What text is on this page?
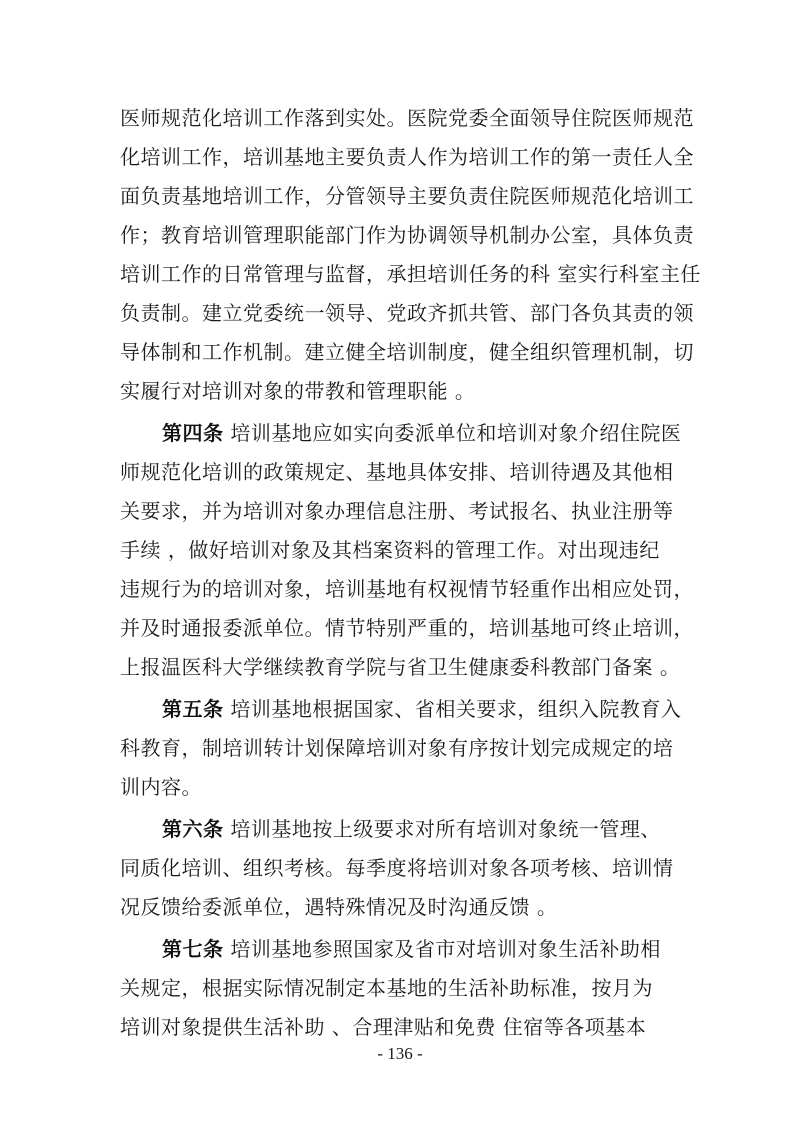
医师规范化培训工作落到实处。医院党委全面领导住院医师规范
化培训工作，培训基地主要负责人作为培训工作的第一责任人全
面负责基地培训工作，分管领导主要负责住院医师规范化培训工
作；教育培训管理职能部门作为协调领导机制办公室，具体负责
培训工作的日常管理与监督，承担培训任务的科 室实行科室主任
负责制。建立党委统一领导、党政齐抓共管、部门各负其责的领
导体制和工作机制。建立健全培训制度，健全组织管理机制，切
实履行对培训对象的带教和管理职能 。
第四条 培训基地应如实向委派单位和培训对象介绍住院医
师规范化培训的政策规定、基地具体安排、培训待遇及其他相
关要求，并为培训对象办理信息注册、考试报名、执业注册等
手续 ，做好培训对象及其档案资料的管理工作。对出现违纪
违规行为的培训对象，培训基地有权视情节轻重作出相应处罚，
并及时通报委派单位。情节特别严重的，培训基地可终止培训，
上报温医科大学继续教育学院与省卫生健康委科教部门备案 。
第五条 培训基地根据国家、省相关要求，组织入院教育入
科教育，制培训转计划保障培训对象有序按计划完成规定的培
训内容。
第六条 培训基地按上级要求对所有培训对象统一管理、
同质化培训、组织考核。每季度将培训对象各项考核、培训情
况反馈给委派单位，遇特殊情况及时沟通反馈 。
第七条 培训基地参照国家及省市对培训对象生活补助相
关规定，根据实际情况制定本基地的生活补助标准，按月为
培训对象提供生活补助 、合理津贴和免费 住宿等各项基本
- 136 -
